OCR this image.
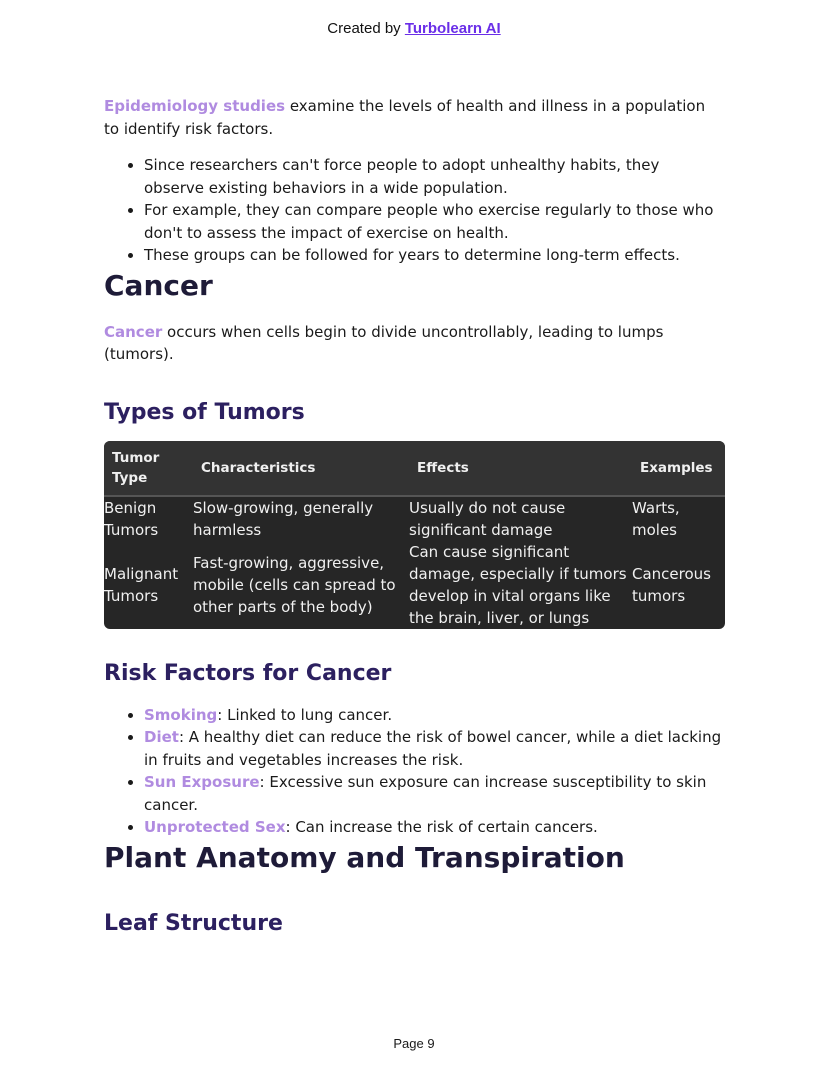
Created by Turbolearn AI

Epidemiology studies examine the levels of health and illness in a population to identify risk factors.

• Since researchers can't force people to adopt unhealthy habits, they observe existing behaviors in a wide population.
• For example, they can compare people who exercise regularly to those who don't to assess the impact of exercise on health.
• These groups can be followed for years to determine long-term effects.
Cancer

Cancer occurs when cells begin to divide uncontrollably, leading to lumps (tumors).

Types of Tumors
Tumor Type	Characteristics	Effects	Examples
Benign Tumors	Slow-growing, generally harmless	Usually do not cause significant damage	Warts, moles
Malignant Tumors	Fast-growing, aggressive, mobile (cells can spread to other parts of the body)	Can cause significant damage, especially if tumors develop in vital organs like the brain, liver, or lungs	Cancerous tumors
Risk Factors for Cancer
• Smoking: Linked to lung cancer.
• Diet: A healthy diet can reduce the risk of bowel cancer, while a diet lacking in fruits and vegetables increases the risk.
• Sun Exposure: Excessive sun exposure can increase susceptibility to skin cancer.
• Unprotected Sex: Can increase the risk of certain cancers.
Plant Anatomy and Transpiration
Leaf Structure
Page 9
